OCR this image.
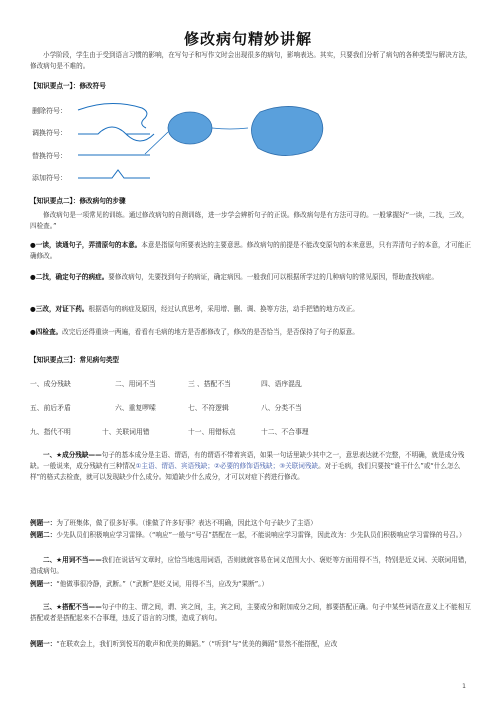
修改病句精妙讲解
小学阶段，学生由于受到语言习惯的影响，在写句子和写作文时会出现很多的病句，影响表达。其实，只要我们分析了病句的各种类型与解决方法，修改病句是不难的。
【知识要点一】：修改符号
删除符号：
调换符号：
替换符号：
添加符号：
【知识要点二】：修改病句的步骤
修改病句是一项常见的训练。通过修改病句的自测训练，进一步学会辨析句子的正误。修改病句是有方法可寻的。一般掌握好“一读，二找，三改，四检查。”
●一读，读通句子，弄清原句的本意。本意是指原句所要表达的主要意思。修改病句的前提是不能改变原句的本来意思，只有弄清句子的本意，才可能正确修改。
●二找，确定句子的病症。要修改病句，先要找到句子的病证，确定病因。一般我们可以根据所学过的几种病句的常见原因，帮助查找病症。
●三改，对证下药。根据语句的病症及原因，经过认真思考，采用增、删、调、换等方法，动手把错的地方改正。
●四检查。改完后还得重读一两遍，看看有毛病的地方是否都修改了，修改的是否恰当，是否保持了句子的原意。
【知识要点三】：常见病句类型
一、成分残缺	二、用词不当	三 、搭配不当	四、语序混乱
五、前后矛盾	六、重复啰嗦	七、不符逻辑	八、分类不当
九、指代不明	十、关联词用错	十一、用错标点	十二、不合事理
一、★成分残缺——句子的基本成分是主语、谓语，有的谓语不带着宾语，如果一句话里缺少其中之一，意思表达就不完整，不明确，就是成分残缺。一般说来，成分残缺有三种情况①主语、谓语、宾语残缺；②必要的修饰语残缺；③关联词残缺。对于毛病，我们只要按“谁干什么”或“什么怎么样”的格式去检查，就可以发现缺少什么成分。知道缺少什么成分，才可以对症下药进行修改。
例题一：为了班集体，做了很多好事。（谁做了许多好事？表达不明确，因此这个句子缺少了主语）
例题二：少先队员们积极响应学习雷锋。（“响应”一般与“号召”搭配在一起，不能说响应学习雷锋，因此改为：少先队员们积极响应学习雷锋的号召。）
二、★用词不当——我们在说话写文章时，应恰当地选用词语，否则就就容易在词义范围大小、褒贬等方面用得不当，特别是近义词、关联词用错，造成病句。
例题一：“他做事很冷静，武断。”（“武断”是贬义词，用得不当，应改为“果断”。）
三、★搭配不当——句子中的主、谓之间，谓、宾之间，主，宾之间，主要成分和附加成分之间，都要搭配正确。句子中某些词语在意义上不能相互搭配或者是搭配起来不合事理，违反了语言的习惯，造成了病句。
例题一：“在联欢会上，我们听到悦耳的歌声和优美的舞蹈。”（“听到”与“优美的舞蹈”显然不能搭配，应改
1
